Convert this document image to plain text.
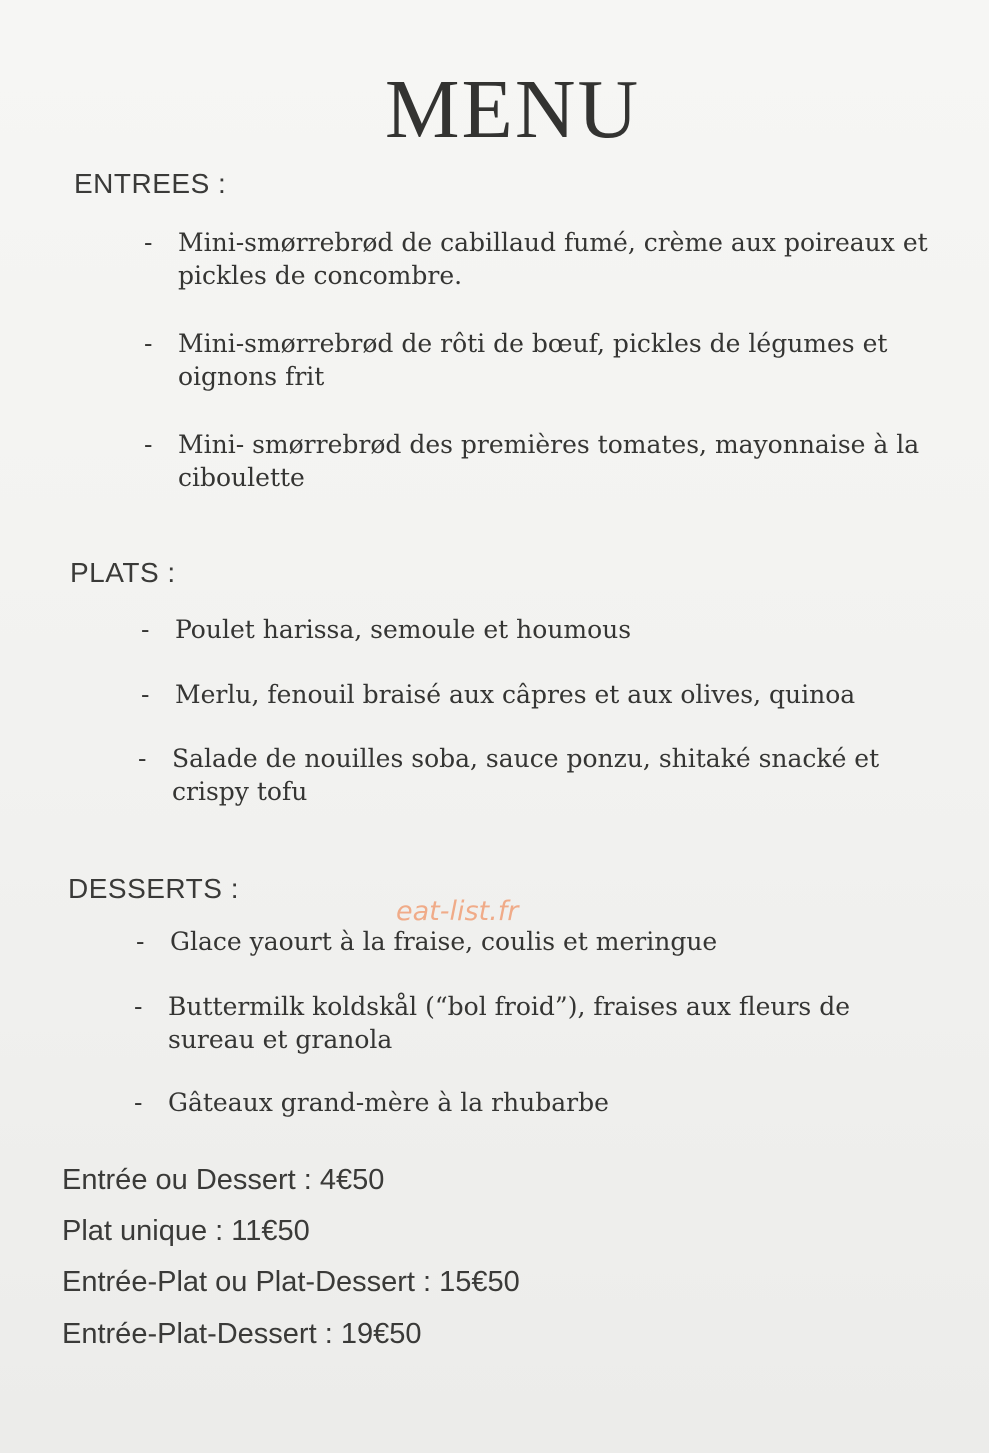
MENU
ENTREES :
- Mini-smørrebrød de cabillaud fumé, crème aux poireaux et pickles de concombre.
- Mini-smørrebrød de rôti de bœuf, pickles de légumes et oignons frit
- Mini- smørrebrød des premières tomates, mayonnaise à la ciboulette
PLATS :
- Poulet harissa, semoule et houmous
- Merlu, fenouil braisé aux câpres et aux olives, quinoa
- Salade de nouilles soba, sauce ponzu, shitaké snacké et crispy tofu
DESSERTS :
eat-list.fr
- Glace yaourt à la fraise, coulis et meringue
- Buttermilk koldskål (“bol froid”), fraises aux fleurs de sureau et granola
- Gâteaux grand-mère à la rhubarbe
Entrée ou Dessert : 4€50
Plat unique : 11€50
Entrée-Plat ou Plat-Dessert : 15€50
Entrée-Plat-Dessert : 19€50
